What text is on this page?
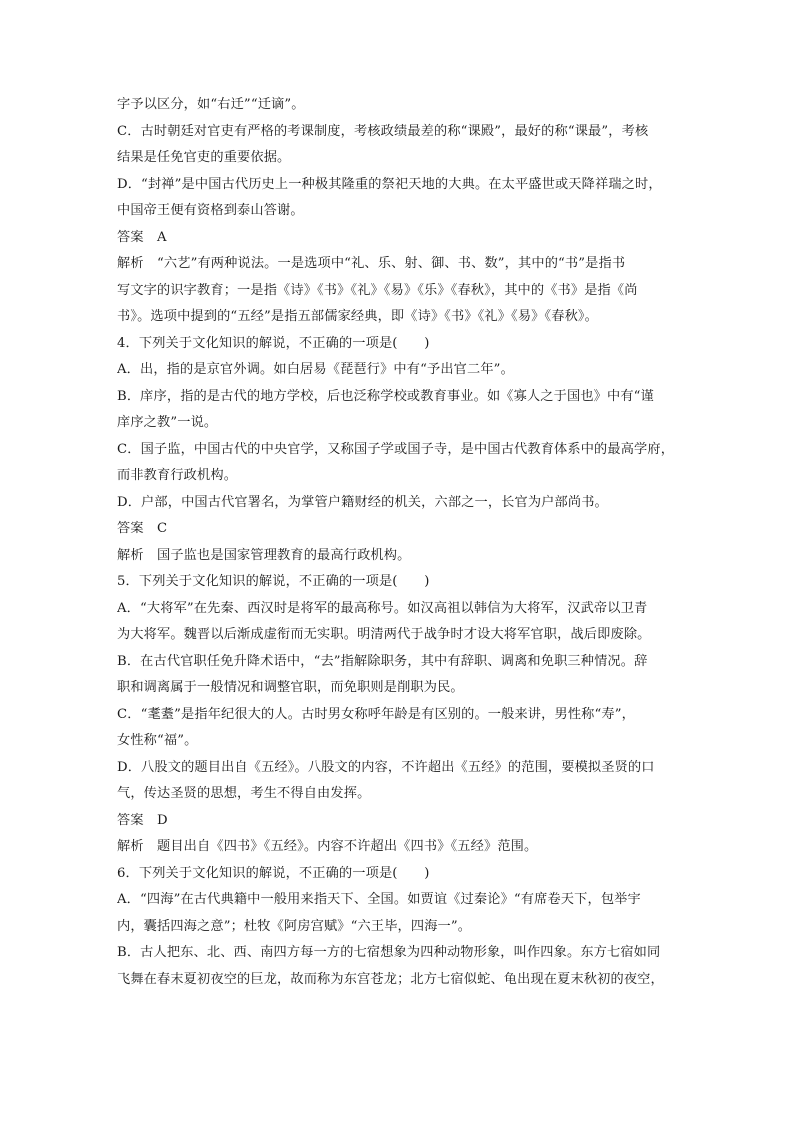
字予以区分，如“右迁”“迁谪”。
C．古时朝廷对官吏有严格的考课制度，考核政绩最差的称“课殿”，最好的称“课最”，考核
结果是任免官吏的重要依据。
D．“封禅”是中国古代历史上一种极其隆重的祭祀天地的大典。在太平盛世或天降祥瑞之时，
中国帝王便有资格到泰山答谢。
答案　A
解析　“六艺”有两种说法。一是选项中“礼、乐、射、御、书、数”，其中的“书”是指书
写文字的识字教育；一是指《诗》《书》《礼》《易》《乐》《春秋》，其中的《书》是指《尚
书》。选项中提到的“五经”是指五部儒家经典，即《诗》《书》《礼》《易》《春秋》。
4．下列关于文化知识的解说，不正确的一项是(　　)
A．出，指的是京官外调。如白居易《琵琶行》中有“予出官二年”。
B．庠序，指的是古代的地方学校，后也泛称学校或教育事业。如《寡人之于国也》中有“谨
庠序之教”一说。
C．国子监，中国古代的中央官学，又称国子学或国子寺，是中国古代教育体系中的最高学府，
而非教育行政机构。
D．户部，中国古代官署名，为掌管户籍财经的机关，六部之一，长官为户部尚书。
答案　C
解析　国子监也是国家管理教育的最高行政机构。
5．下列关于文化知识的解说，不正确的一项是(　　)
A．“大将军”在先秦、西汉时是将军的最高称号。如汉高祖以韩信为大将军，汉武帝以卫青
为大将军。魏晋以后渐成虚衔而无实职。明清两代于战争时才设大将军官职，战后即废除。
B．在古代官职任免升降术语中，“去”指解除职务，其中有辞职、调离和免职三种情况。辞
职和调离属于一般情况和调整官职，而免职则是削职为民。
C．“耄耋”是指年纪很大的人。古时男女称呼年龄是有区别的。一般来讲，男性称“寿”，
女性称“福”。
D．八股文的题目出自《五经》。八股文的内容，不许超出《五经》的范围，要模拟圣贤的口
气，传达圣贤的思想，考生不得自由发挥。
答案　D
解析　题目出自《四书》《五经》。内容不许超出《四书》《五经》范围。
6．下列关于文化知识的解说，不正确的一项是(　　)
A．“四海”在古代典籍中一般用来指天下、全国。如贾谊《过秦论》“有席卷天下，包举宇
内，囊括四海之意”；杜牧《阿房宫赋》“六王毕，四海一”。
B．古人把东、北、西、南四方每一方的七宿想象为四种动物形象，叫作四象。东方七宿如同
飞舞在春末夏初夜空的巨龙，故而称为东宫苍龙；北方七宿似蛇、龟出现在夏末秋初的夜空，
